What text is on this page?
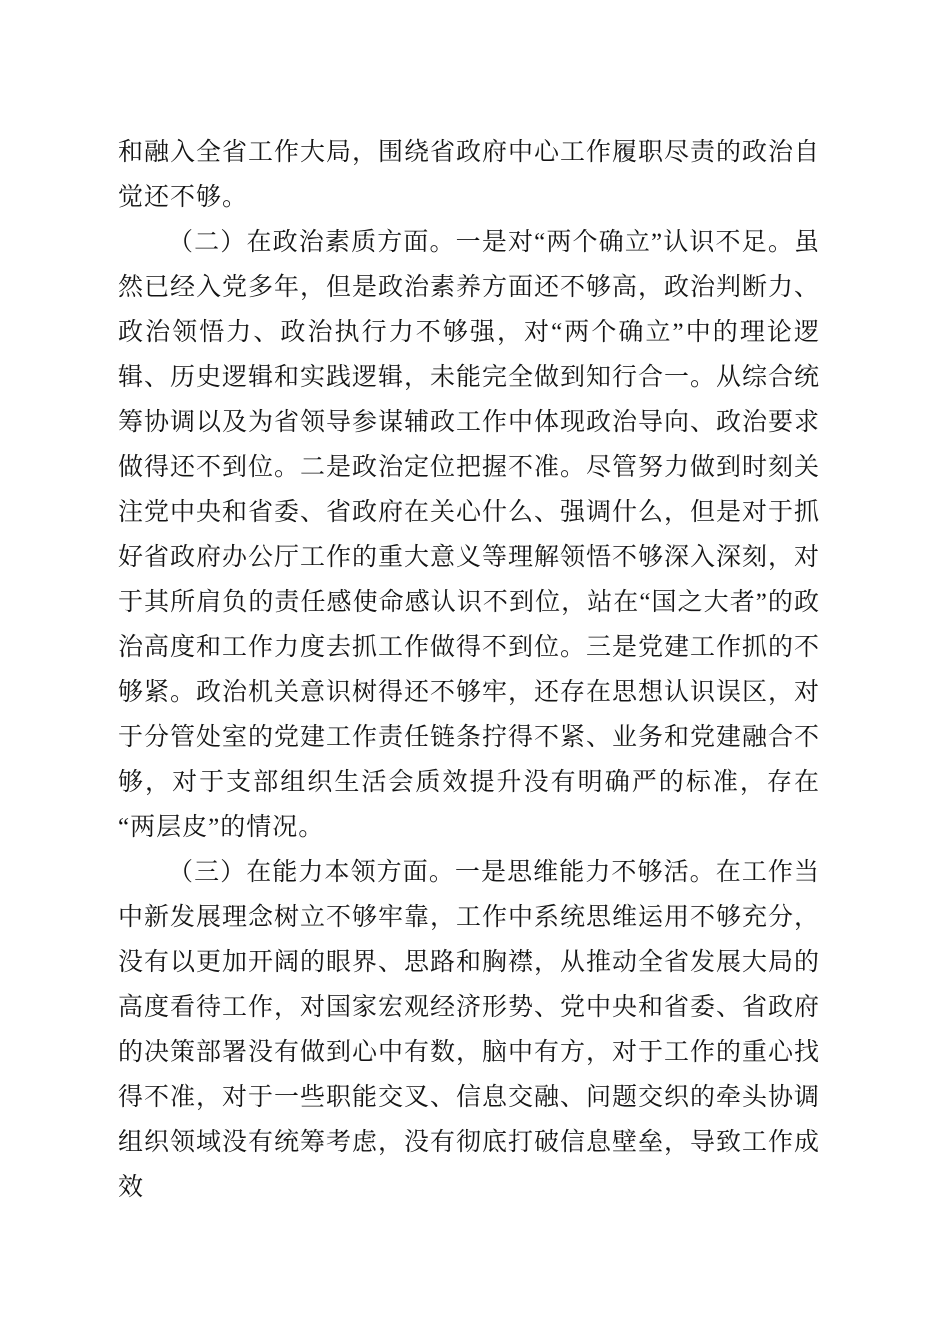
和融入全省工作大局，围绕省政府中心工作履职尽责的政治自觉还不够。

（二）在政治素质方面。一是对“两个确立”认识不足。虽然已经入党多年，但是政治素养方面还不够高，政治判断力、政治领悟力、政治执行力不够强，对“两个确立”中的理论逻辑、历史逻辑和实践逻辑，未能完全做到知行合一。从综合统筹协调以及为省领导参谋辅政工作中体现政治导向、政治要求做得还不到位。二是政治定位把握不准。尽管努力做到时刻关注党中央和省委、省政府在关心什么、强调什么，但是对于抓好省政府办公厅工作的重大意义等理解领悟不够深入深刻，对于其所肩负的责任感使命感认识不到位，站在“国之大者”的政治高度和工作力度去抓工作做得不到位。三是党建工作抓的不够紧。政治机关意识树得还不够牢，还存在思想认识误区，对于分管处室的党建工作责任链条拧得不紧、业务和党建融合不够，对于支部组织生活会质效提升没有明确严的标准，存在“两层皮”的情况。

（三）在能力本领方面。一是思维能力不够活。在工作当中新发展理念树立不够牢靠，工作中系统思维运用不够充分，没有以更加开阔的眼界、思路和胸襟，从推动全省发展大局的高度看待工作，对国家宏观经济形势、党中央和省委、省政府的决策部署没有做到心中有数，脑中有方，对于工作的重心找得不准，对于一些职能交叉、信息交融、问题交织的牵头协调组织领域没有统筹考虑，没有彻底打破信息壁垒，导致工作成效
